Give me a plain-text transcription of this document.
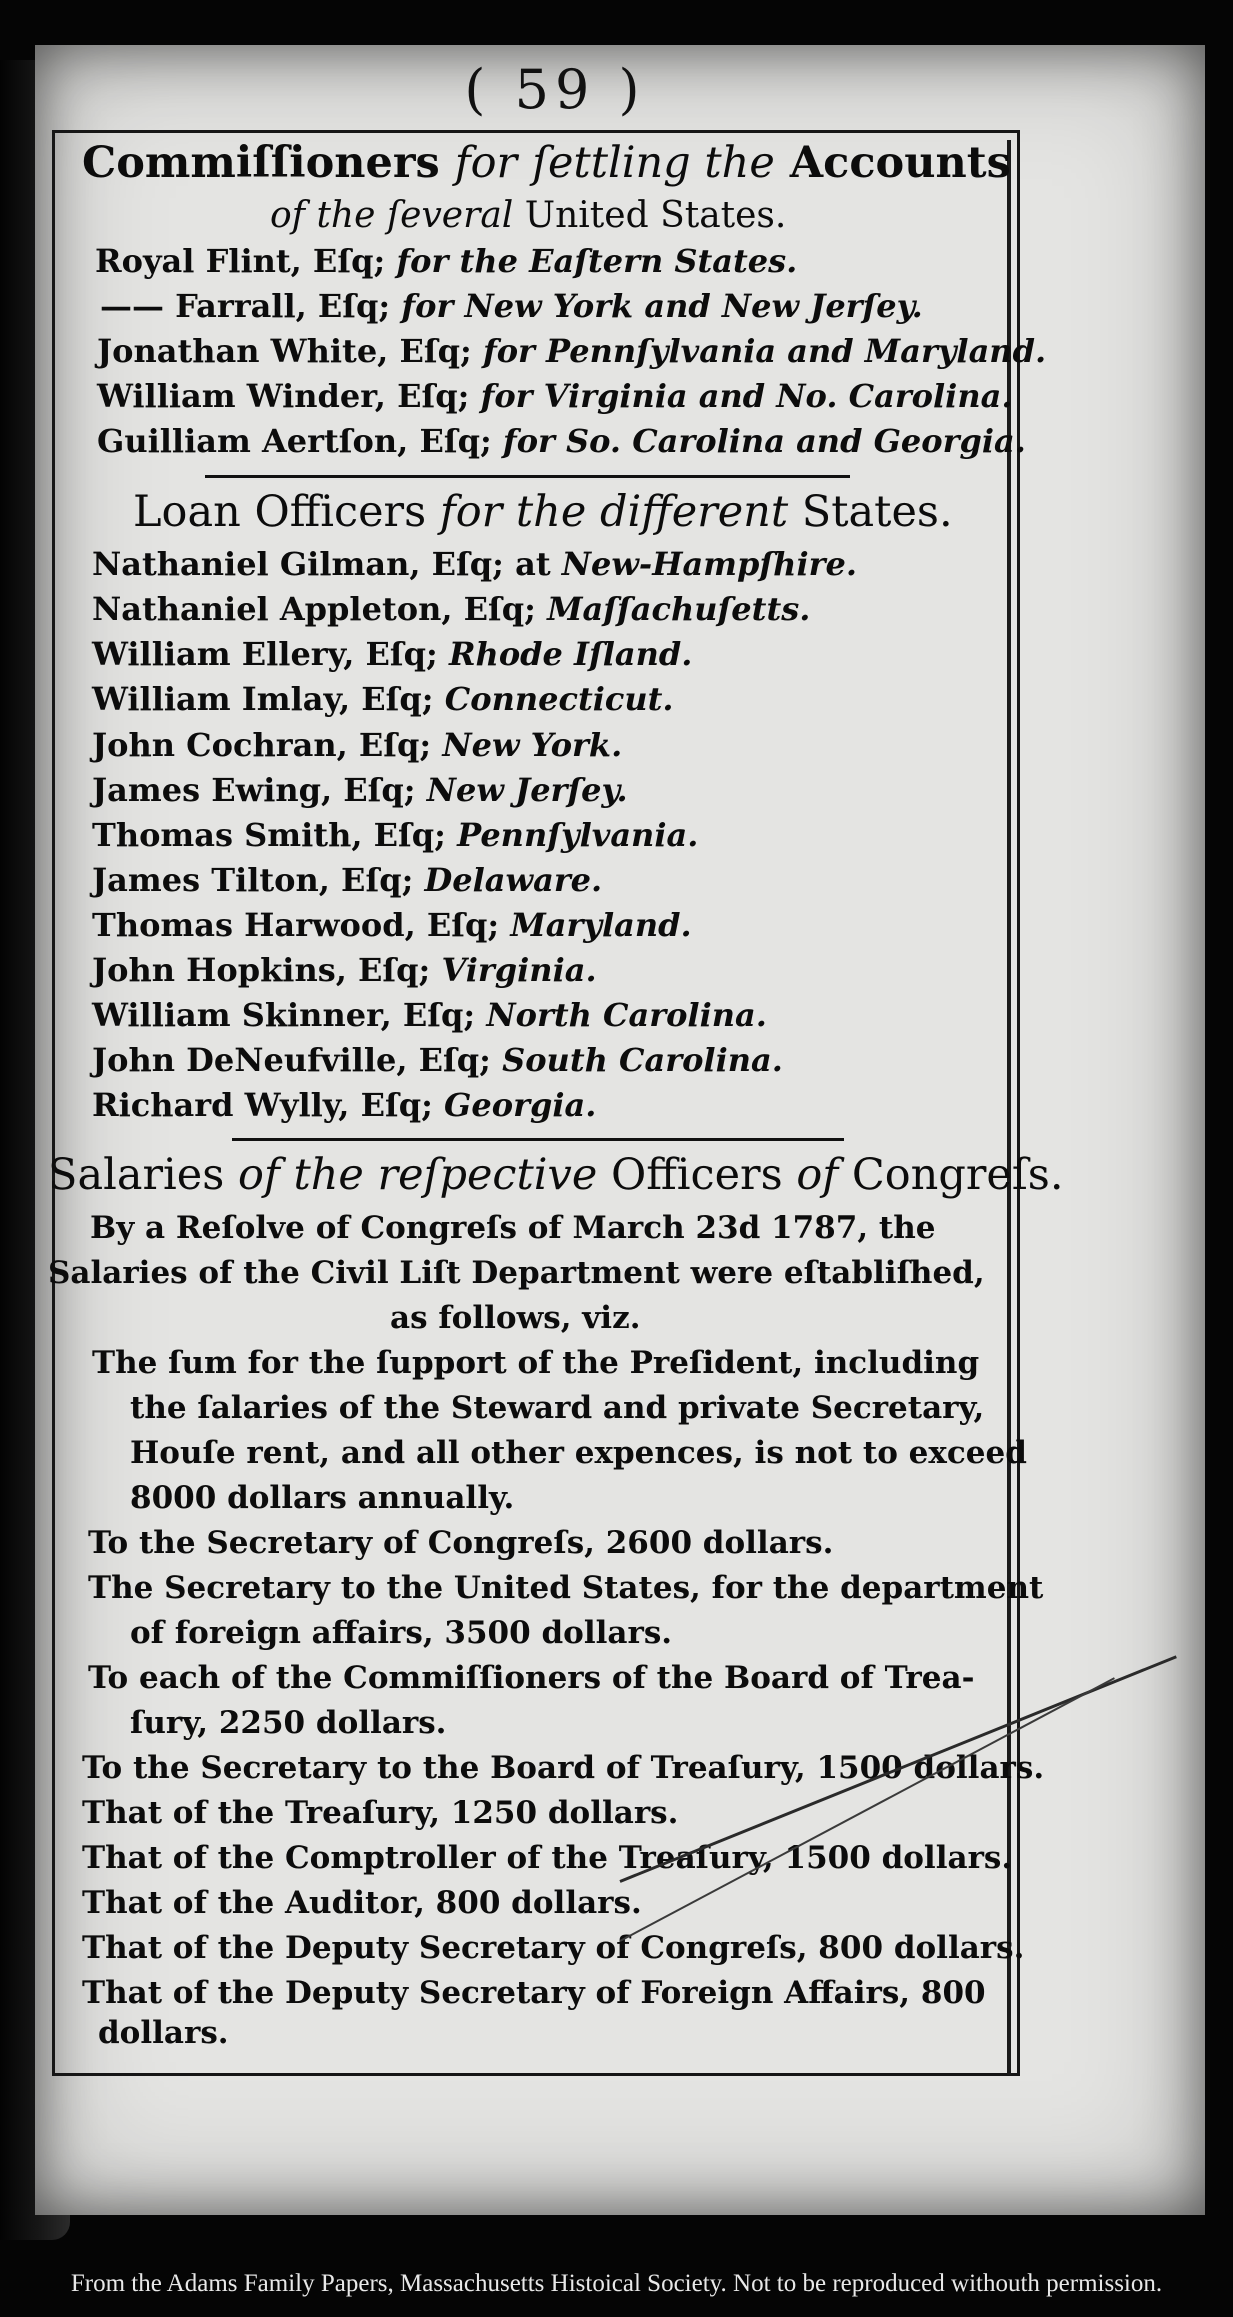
( 59 )
Commiſſioners for ſettling the Accounts
of the ſeveral United States.
Royal Flint, Eſq; for the Eaſtern States.
—— Farrall, Eſq; for New York and New Jerſey.
Jonathan White, Eſq; for Pennſylvania and Maryland.
William Winder, Eſq; for Virginia and No. Carolina.
Guilliam Aertſon, Eſq; for So. Carolina and Georgia.
Loan Officers for the different States.
Nathaniel Gilman, Eſq; at New-Hampſhire.
Nathaniel Appleton, Eſq; Maſſachuſetts.
William Ellery, Eſq; Rhode Iſland.
William Imlay, Eſq; Connecticut.
John Cochran, Eſq; New York.
James Ewing, Eſq; New Jerſey.
Thomas Smith, Eſq; Pennſylvania.
James Tilton, Eſq; Delaware.
Thomas Harwood, Eſq; Maryland.
John Hopkins, Eſq; Virginia.
William Skinner, Eſq; North Carolina.
John DeNeufville, Eſq; South Carolina.
Richard Wylly, Eſq; Georgia.
Salaries of the reſpective Officers of Congreſs.
By a Reſolve of Congreſs of March 23d 1787, the
Salaries of the Civil Liſt Department were eſtabliſhed,
as follows, viz.
The ſum for the ſupport of the Preſident, including
the ſalaries of the Steward and private Secretary,
Houſe rent, and all other expences, is not to exceed
8000 dollars annually.
To the Secretary of Congreſs, 2600 dollars.
The Secretary to the United States, for the department
of foreign affairs, 3500 dollars.
To each of the Commiſſioners of the Board of Trea-
ſury, 2250 dollars.
To the Secretary to the Board of Treaſury, 1500 dollars.
That of the Treaſury, 1250 dollars.
That of the Comptroller of the Treaſury, 1500 dollars.
That of the Auditor, 800 dollars.
That of the Deputy Secretary of Congreſs, 800 dollars.
That of the Deputy Secretary of Foreign Affairs, 800
dollars.
From the Adams Family Papers, Massachusetts Histoical Society. Not to be reproduced withouth permission.
